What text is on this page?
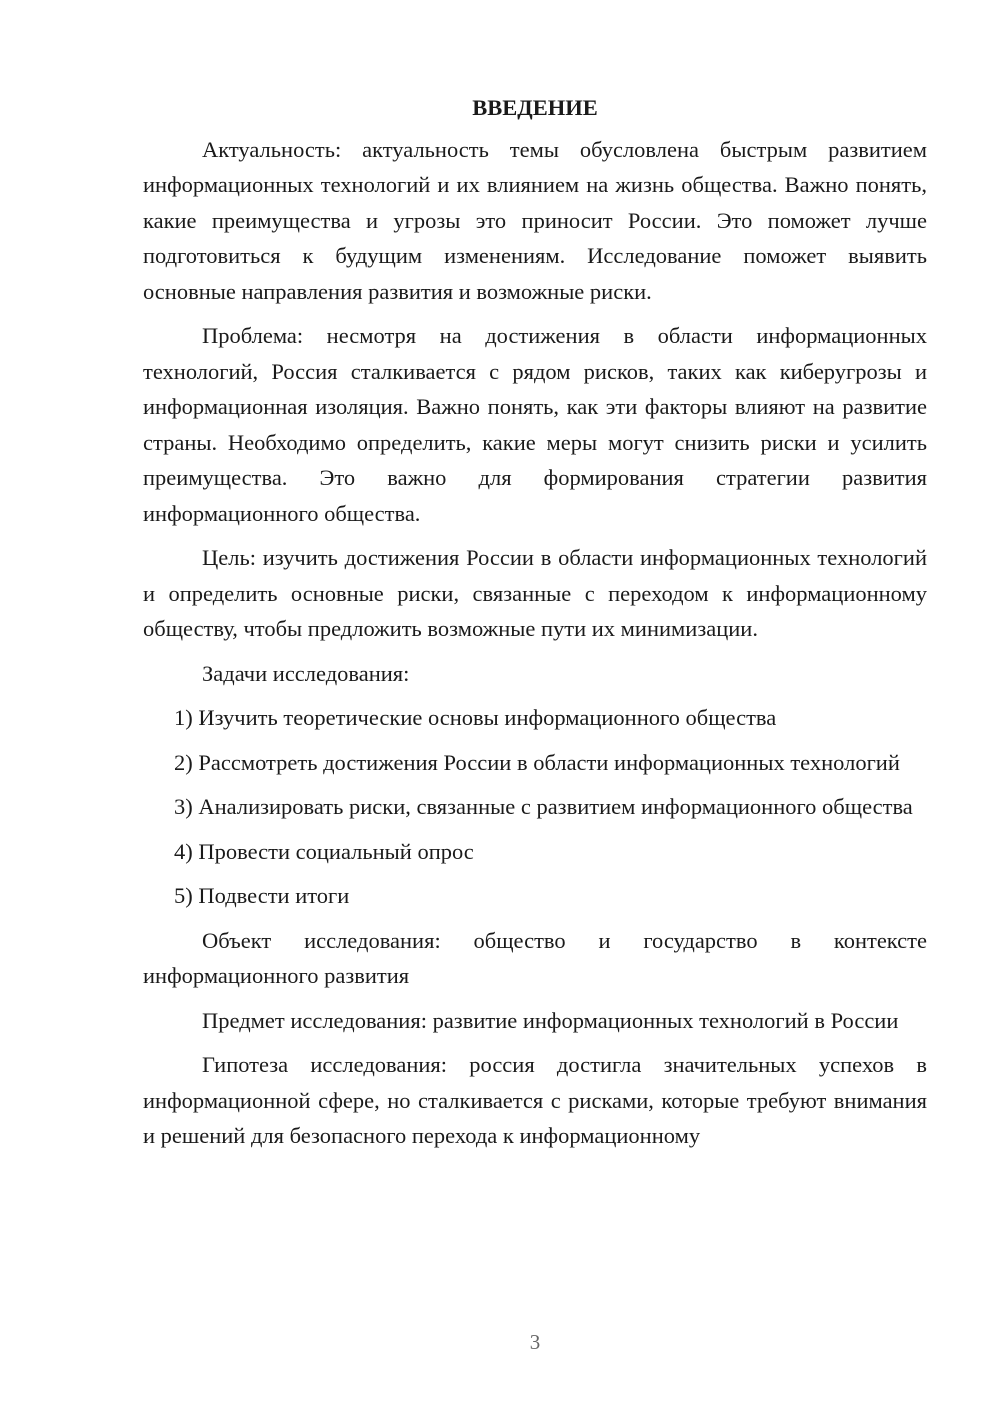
ВВЕДЕНИЕ

Актуальность: актуальность темы обусловлена быстрым развитием информационных технологий и их влиянием на жизнь общества. Важно понять, какие преимущества и угрозы это приносит России. Это поможет лучше подготовиться к будущим изменениям. Исследование поможет выявить основные направления развития и возможные риски.

Проблема: несмотря на достижения в области информационных технологий, Россия сталкивается с рядом рисков, таких как киберугрозы и информационная изоляция. Важно понять, как эти факторы влияют на развитие страны. Необходимо определить, какие меры могут снизить риски и усилить преимущества. Это важно для формирования стратегии развития информационного общества.

Цель: изучить достижения России в области информационных технологий и определить основные риски, связанные с переходом к информационному обществу, чтобы предложить возможные пути их минимизации.

Задачи исследования:

1) Изучить теоретические основы информационного общества

2) Рассмотреть достижения России в области информационных технологий

3) Анализировать риски, связанные с развитием информационного общества

4) Провести социальный опрос

5) Подвести итоги

Объект исследования: общество и государство в контексте информационного развития

Предмет исследования: развитие информационных технологий в России

Гипотеза исследования: россия достигла значительных успехов в информационной сфере, но сталкивается с рисками, которые требуют внимания и решений для безопасного перехода к информационному

3
